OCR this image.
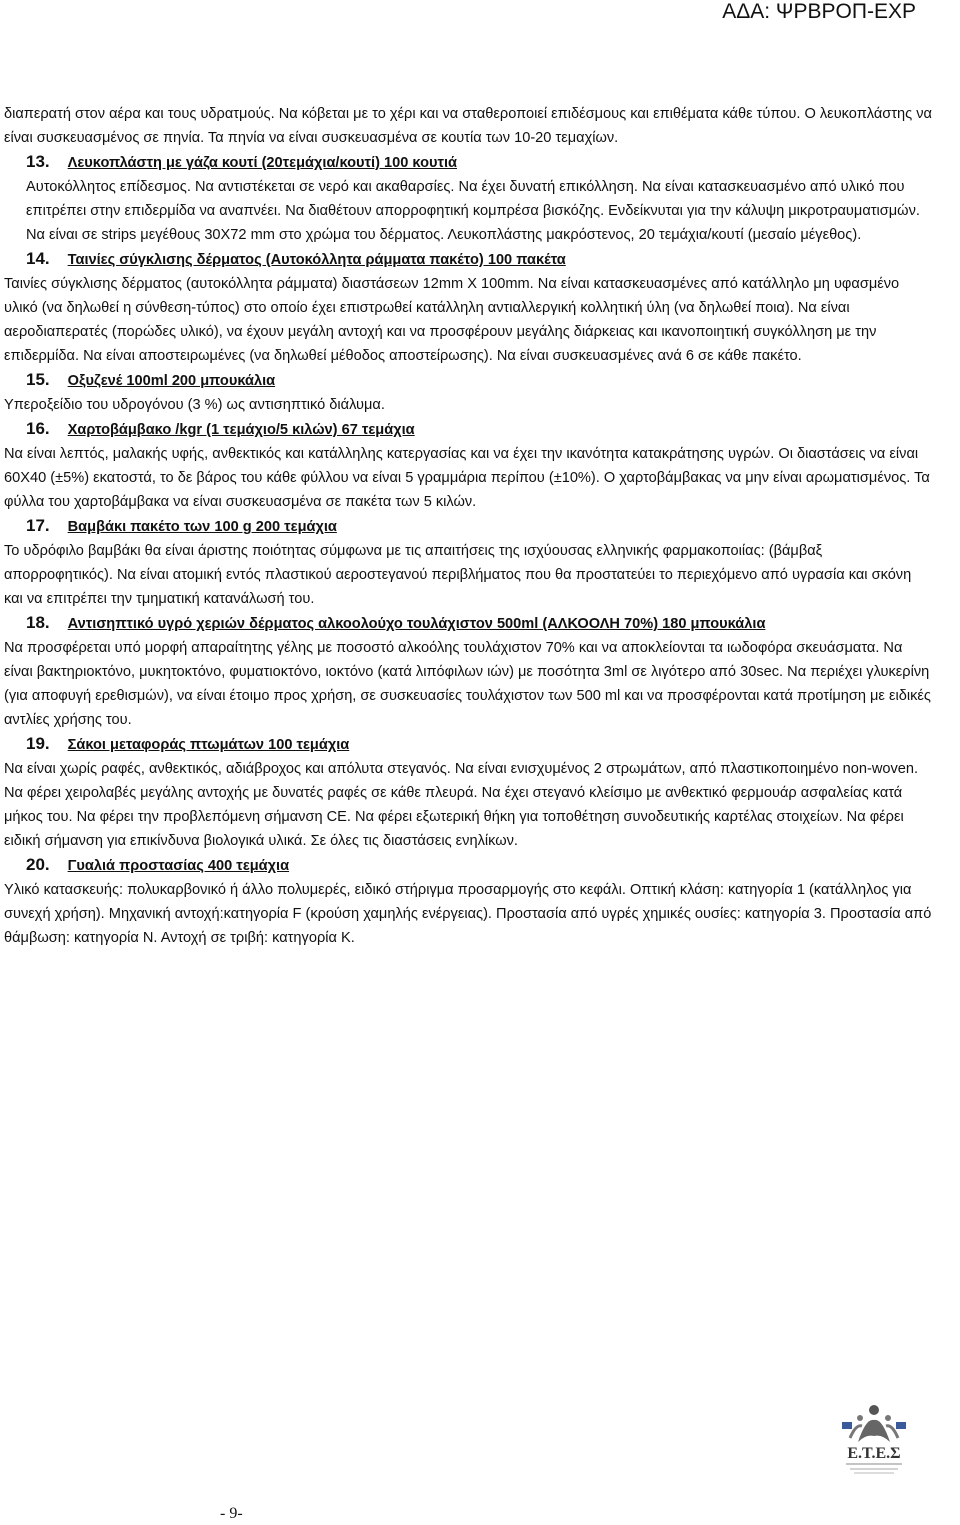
ΑΔΑ: ΨΡΒΡΟΠ-ΕΧΡ

διαπερατή στον αέρα και τους υδρατμούς. Να κόβεται με το χέρι και να σταθεροποιεί επιδέσμους και επιθέματα κάθε τύπου. Ο λευκοπλάστης να είναι συσκευασμένος σε πηνία. Τα πηνία να είναι συσκευασμένα σε κουτία των 10-20 τεμαχίων.

13. Λευκοπλάστη με γάζα κουτί (20τεμάχια/κουτί) 100 κουτιά

Αυτοκόλλητος επίδεσμος. Να αντιστέκεται σε νερό και ακαθαρσίες. Να έχει δυνατή επικόλληση. Να είναι κατασκευασμένο από υλικό που επιτρέπει στην επιδερμίδα να αναπνέει. Να διαθέτουν απορροφητική κομπρέσα βισκόζης. Ενδείκνυται για την κάλυψη μικροτραυματισμών. Να είναι σε strips μεγέθους 30Χ72 mm στο χρώμα του δέρματος. Λευκοπλάστης μακρόστενος, 20 τεμάχια/κουτί (μεσαίο μέγεθος).

14. Ταινίες σύγκλισης δέρματος (Αυτοκόλλητα ράμματα πακέτο) 100 πακέτα

Ταινίες σύγκλισης δέρματος (αυτοκόλλητα ράμματα) διαστάσεων 12mm X 100mm. Να είναι κατασκευασμένες από κατάλληλο μη υφασμένο υλικό (να δηλωθεί η σύνθεση-τύπος) στο οποίο έχει επιστρωθεί κατάλληλη αντιαλλεργική κολλητική ύλη (να δηλωθεί ποια). Να είναι αεροδιαπερατές (πορώδες υλικό), να έχουν μεγάλη αντοχή και να προσφέρουν μεγάλης διάρκειας και ικανοποιητική συγκόλληση με την επιδερμίδα. Να είναι αποστειρωμένες (να δηλωθεί μέθοδος αποστείρωσης). Να είναι συσκευασμένες ανά 6 σε κάθε πακέτο.

15. Οξυζενέ 100ml 200 μπουκάλια

Υπεροξείδιο του υδρογόνου (3 %) ως αντισηπτικό διάλυμα.

16. Χαρτοβάμβακο /kgr (1 τεμάχιο/5 κιλών) 67 τεμάχια

Να είναι λεπτός, μαλακής υφής, ανθεκτικός και κατάλληλης κατεργασίας και να έχει την ικανότητα κατακράτησης υγρών. Οι διαστάσεις να είναι 60Χ40 (±5%) εκατοστά, το δε βάρος του κάθε φύλλου να είναι 5 γραμμάρια περίπου (±10%). Ο χαρτοβάμβακας να μην είναι αρωματισμένος. Τα φύλλα του χαρτοβάμβακα να είναι συσκευασμένα σε πακέτα των 5 κιλών.

17. Βαμβάκι πακέτο των 100 g 200 τεμάχια

Το υδρόφιλο βαμβάκι θα είναι άριστης ποιότητας σύμφωνα με τις απαιτήσεις της ισχύουσας ελληνικής φαρμακοποιίας: (βάμβαξ απορροφητικός). Να είναι ατομική εντός πλαστικού αεροστεγανού περιβλήματος που θα προστατεύει το περιεχόμενο από υγρασία και σκόνη και να επιτρέπει την τμηματική κατανάλωσή του.

18. Αντισηπτικό υγρό χεριών δέρματος αλκοολούχο τουλάχιστον 500ml (ΑΛΚΟΟΛΗ 70%) 180 μπουκάλια

Να προσφέρεται υπό μορφή απαραίτητης γέλης με ποσοστό αλκοόλης τουλάχιστον 70% και να αποκλείονται τα ιωδοφόρα σκευάσματα. Να είναι βακτηριοκτόνο, μυκητοκτόνο, φυματιοκτόνο, ιοκτόνο (κατά λιπόφιλων ιών) με ποσότητα 3ml σε λιγότερο από 30sec. Να περιέχει γλυκερίνη (για αποφυγή ερεθισμών), να είναι έτοιμο προς χρήση, σε συσκευασίες τουλάχιστον των 500 ml και να προσφέρονται κατά προτίμηση με ειδικές αντλίες χρήσης του.

19. Σάκοι μεταφοράς πτωμάτων 100 τεμάχια

Να είναι χωρίς ραφές, ανθεκτικός, αδιάβροχος και απόλυτα στεγανός. Να είναι ενισχυμένος 2 στρωμάτων, από πλαστικοποιημένο non-woven. Να φέρει χειρολαβές μεγάλης αντοχής με δυνατές ραφές σε κάθε πλευρά. Να έχει στεγανό κλείσιμο με ανθεκτικό φερμουάρ ασφαλείας κατά μήκος του. Να φέρει την προβλεπόμενη σήμανση CE. Να φέρει εξωτερική θήκη για τοποθέτηση συνοδευτικής καρτέλας στοιχείων. Να φέρει ειδική σήμανση για επικίνδυνα βιολογικά υλικά. Σε όλες τις διαστάσεις ενηλίκων.

20. Γυαλιά προστασίας 400 τεμάχια

Υλικό κατασκευής: πολυκαρβονικό ή άλλο πολυμερές, ειδικό στήριγμα προσαρμογής στο κεφάλι. Οπτική κλάση: κατηγορία 1 (κατάλληλος για συνεχή χρήση). Μηχανική αντοχή:κατηγορία F (κρούση χαμηλής ενέργειας). Προστασία από υγρές χημικές ουσίες: κατηγορία 3. Προστασία από θάμβωση: κατηγορία Ν. Αντοχή σε τριβή: κατηγορία Κ.

Ε.Τ.Ε.Σ
- 9-
